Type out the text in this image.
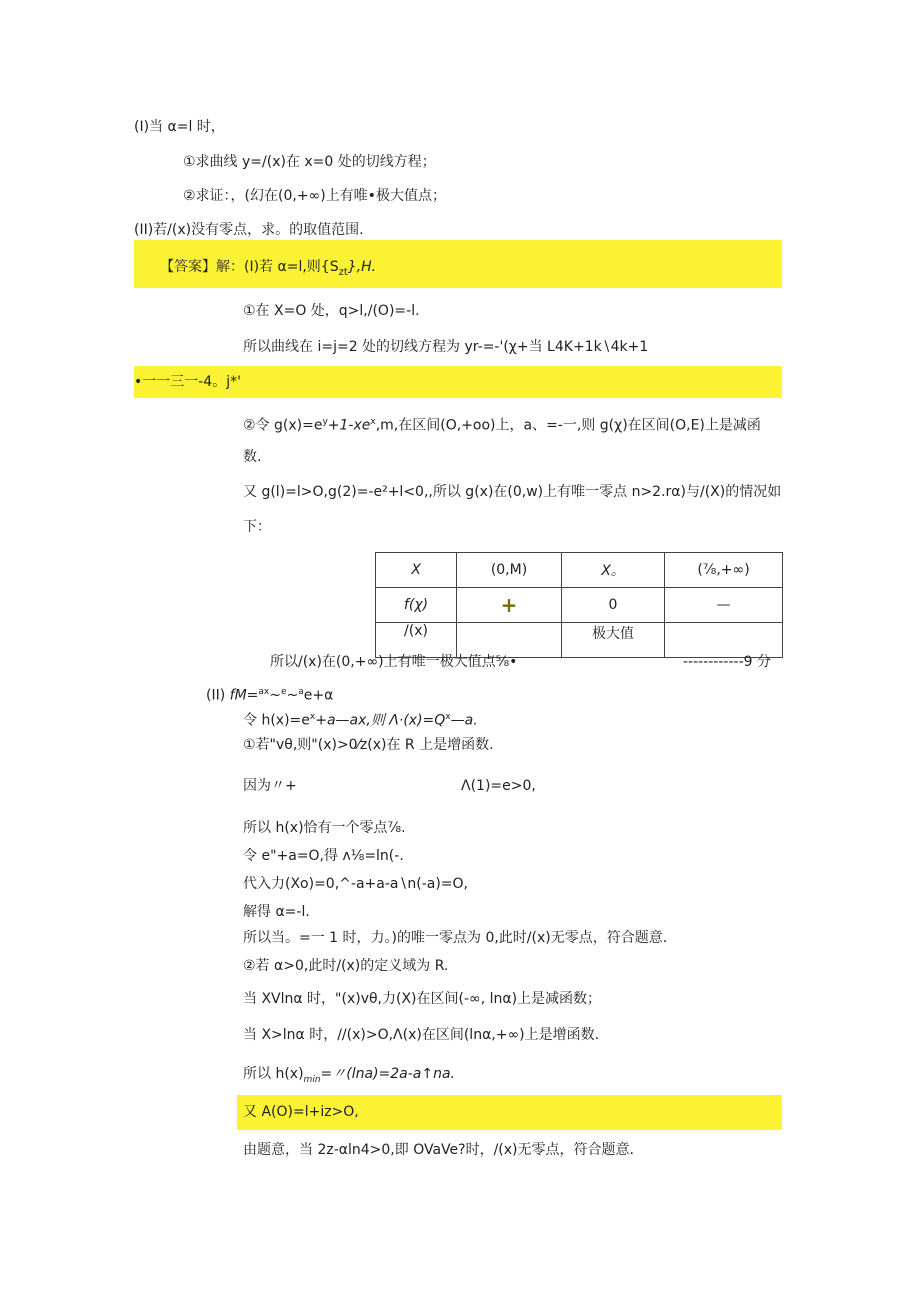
(I)当 α=l 时，
①求曲线 y=/(x)在 x=0 处的切线方程；
②求证：，(幻在(0,+∞)上有唯•极大值点；
(II)若/(x)没有零点，求。的取值范围.
【答案】解：(I)若 α=l,则$\{S_{zt}\},H$.
①在 X=O 处，q>l,/(O)=-l.
所以曲线在 i=j=2 处的切线方程为 yr-=-'(χ+当 L4K+1k∖4k+1
•一一三一-4。j*'
②令 $g(x)=e^y+1-xe^x,m$,在区间(O,+oo)上，a、=-一,则 g(χ)在区间(O,E)上是减函
数.
又 g(l)=l>O,g(2)=-e²+l<0,,所以 g(x)在(0,w)上有唯一零点 n>2.rα)与/(X)的情况如
下：
X	(0,M)	X。	(⅞,+∞)
f(χ)	+	0	—
/(x)		极大值	
所以/(x)在(0,+∞)上有唯一极大值点⅝•	------------9 分
(II) fM=$^{ax}$~$^e$~$^a$e+α
令 $h(x)=e^x+a—ax$,则 $\Lambda\cdot(x)=Q^x—a$.
①若"vθ,则"(x)>0⁄z(x)在 R 上是增函数.
因为〃+	Λ(1)=e>0,
所以 h(x)恰有一个零点⅞.
令 e"+a=O,得 ʌ⅛=ln(-.
代入力(Xo)=0,^-a+a-a∖n(-a)=O,
解得 α=-l.
所以当。=一 1 时，力。)的唯一零点为 0,此时/(x)无零点，符合题意.
②若 α>0,此时/(x)的定义域为 R.
当 XVlnα 时，"(x)vθ,力(X)在区间(-∞, lnα)上是减函数；
当 X>lnα 时，//(x)>O,Λ(x)在区间(lnα,+∞)上是增函数.
所以 $h(x)_{min}=$〃(lna)=2a-a↑na.
又 A(O)=l+iz>O,
由题意，当 2z-αln4>0,即 OVaVe?时，/(x)无零点，符合题意.
